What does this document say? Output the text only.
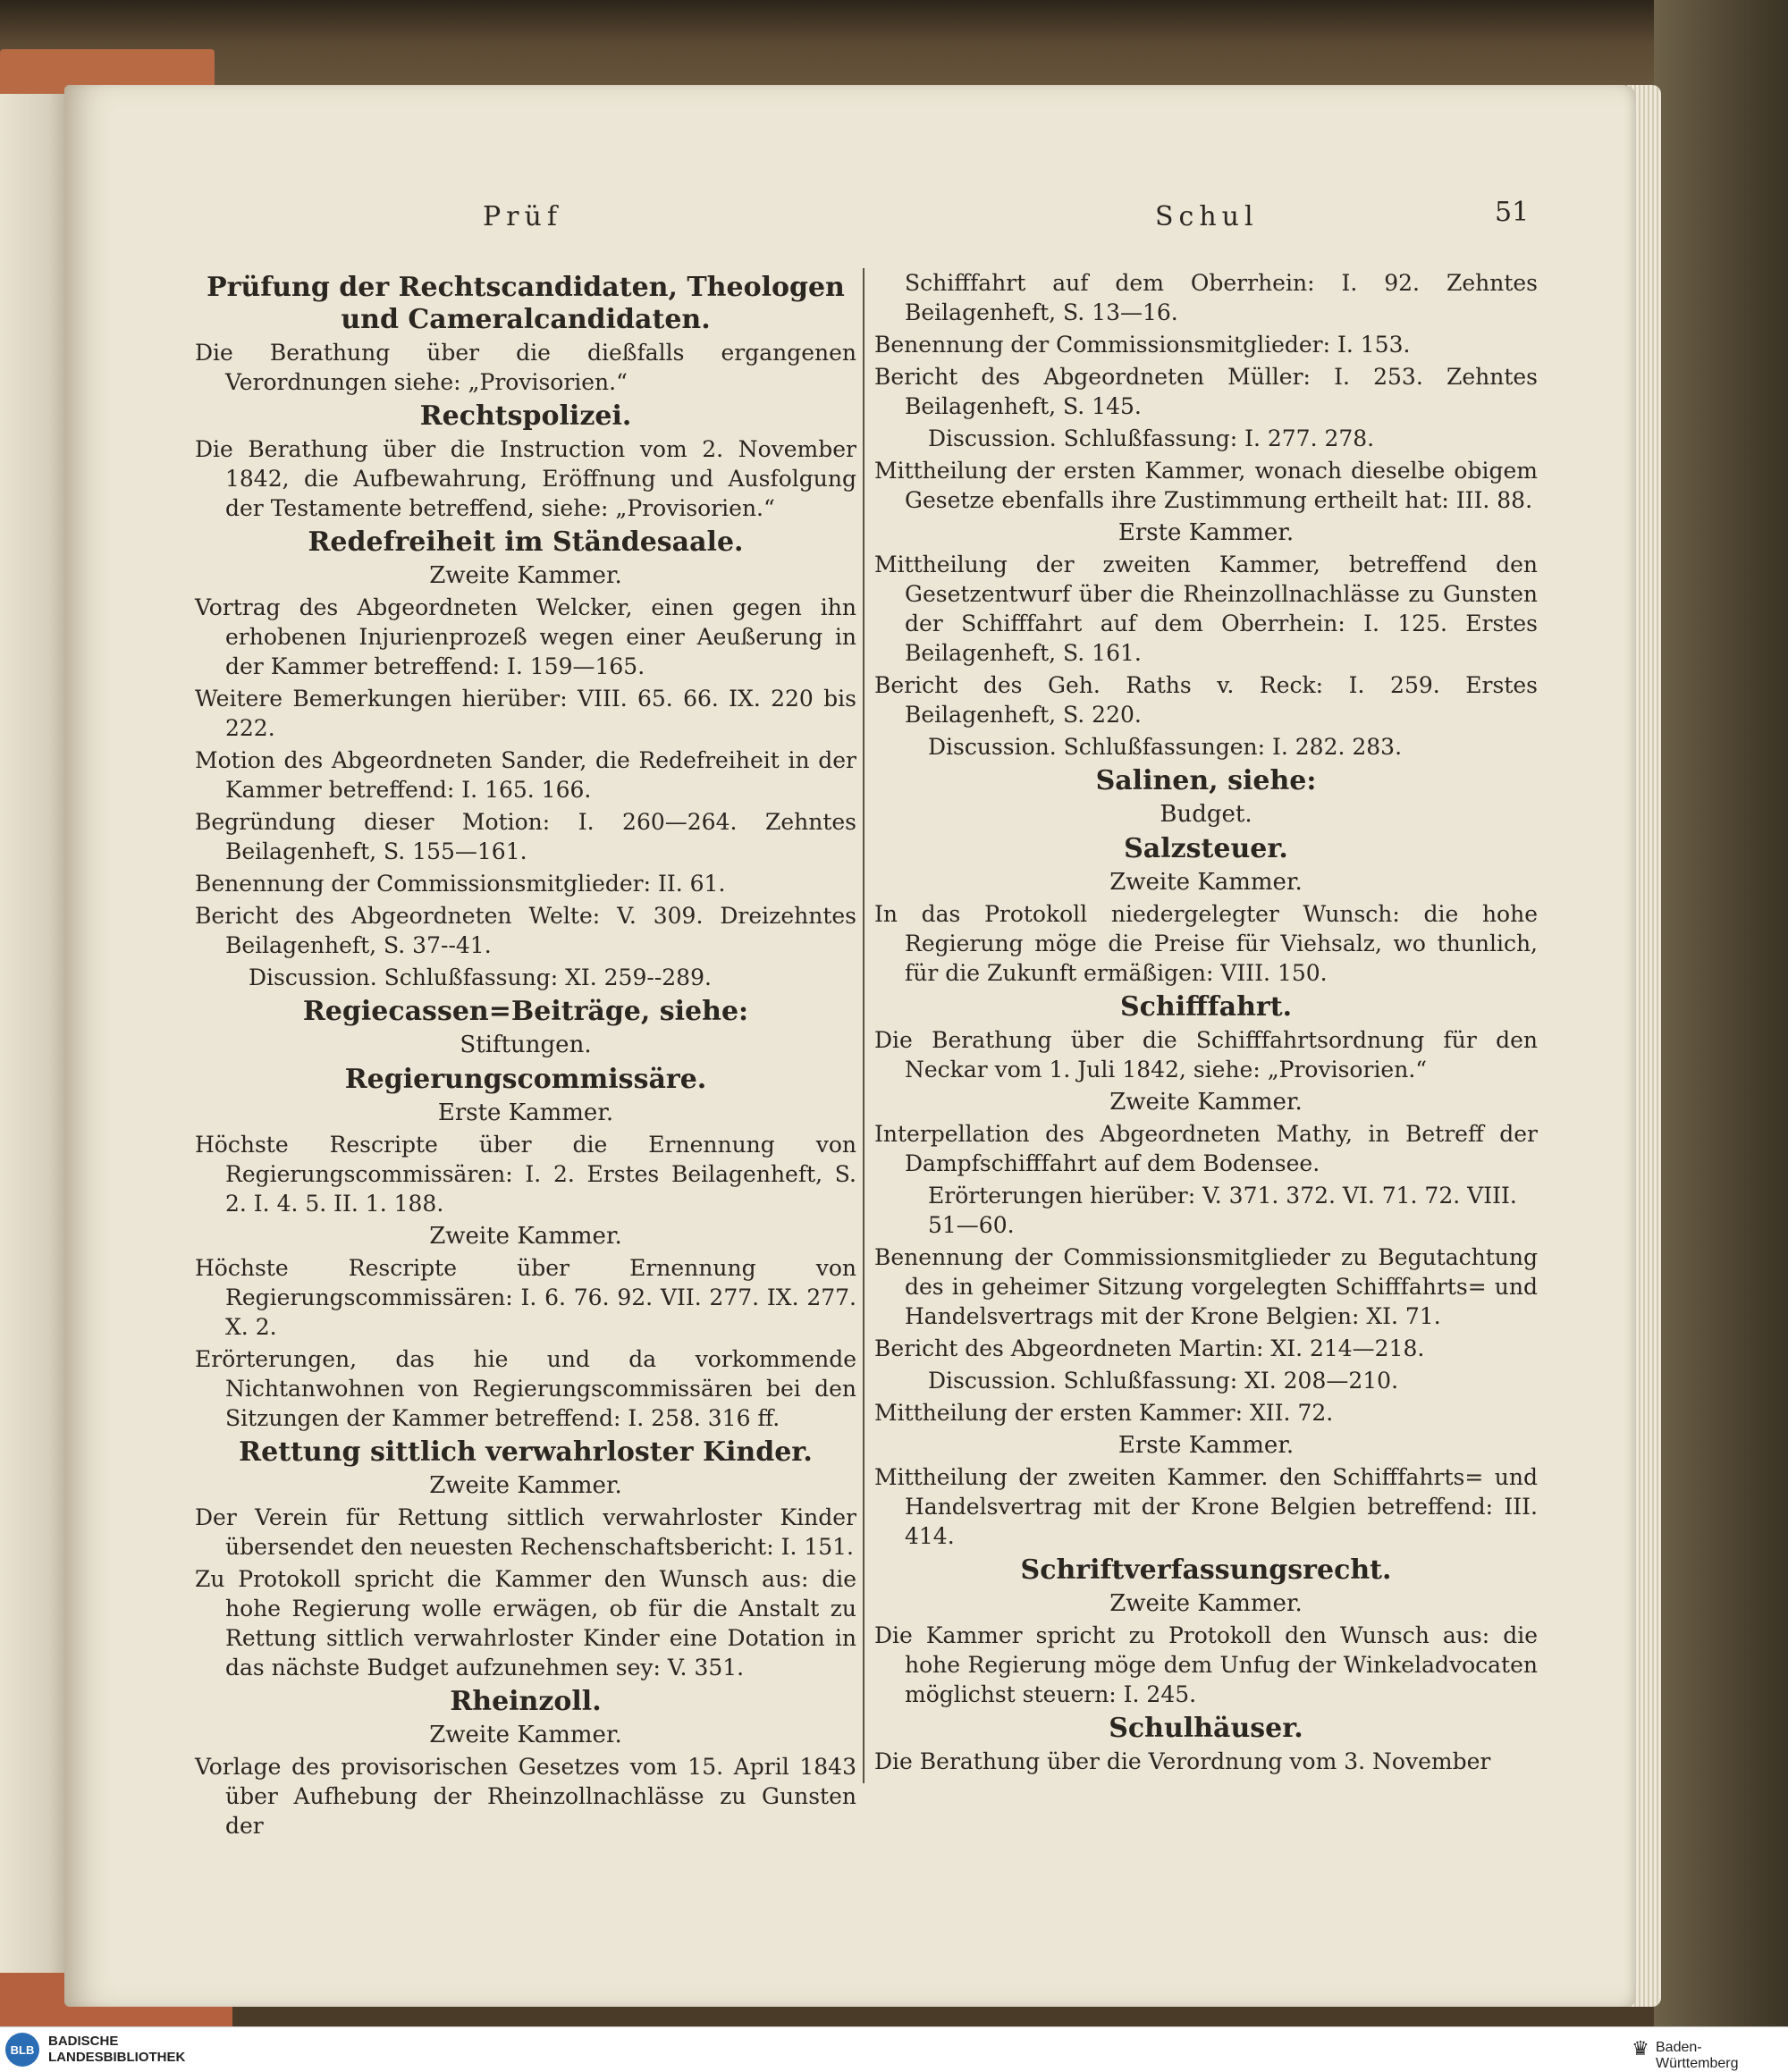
Prüf	Schul	51
Prüfung der Rechtscandidaten, Theologen und Cameralcandidaten.
Die Berathung über die dießfalls ergangenen Verordnungen siehe: „Provisorien.“
Rechtspolizei.
Die Berathung über die Instruction vom 2. November 1842, die Aufbewahrung, Eröffnung und Ausfolgung der Testamente betreffend, siehe: „Provisorien.“
Redefreiheit im Ständesaale.
Zweite Kammer.
Vortrag des Abgeordneten Welcker, einen gegen ihn erhobenen Injurienprozeß wegen einer Aeußerung in der Kammer betreffend: I. 159—165.
Weitere Bemerkungen hierüber: VIII. 65. 66. IX. 220 bis 222.
Motion des Abgeordneten Sander, die Redefreiheit in der Kammer betreffend: I. 165. 166.
Begründung dieser Motion: I. 260—264. Zehntes Beilagenheft, S. 155—161.
Benennung der Commissionsmitglieder: II. 61.
Bericht des Abgeordneten Welte: V. 309. Dreizehntes Beilagenheft, S. 37--41.
Discussion. Schlußfassung: XI. 259--289.
Regiecassen=Beiträge, siehe:
Stiftungen.
Regierungscommissäre.
Erste Kammer.
Höchste Rescripte über die Ernennung von Regierungscommissären: I. 2. Erstes Beilagenheft, S. 2. I. 4. 5. II. 1. 188.
Zweite Kammer.
Höchste Rescripte über Ernennung von Regierungscommissären: I. 6. 76. 92. VII. 277. IX. 277. X. 2.
Erörterungen, das hie und da vorkommende Nichtanwohnen von Regierungscommissären bei den Sitzungen der Kammer betreffend: I. 258. 316 ff.
Rettung sittlich verwahrloster Kinder.
Zweite Kammer.
Der Verein für Rettung sittlich verwahrloster Kinder übersendet den neuesten Rechenschaftsbericht: I. 151.
Zu Protokoll spricht die Kammer den Wunsch aus: die hohe Regierung wolle erwägen, ob für die Anstalt zu Rettung sittlich verwahrloster Kinder eine Dotation in das nächste Budget aufzunehmen sey: V. 351.
Rheinzoll.
Zweite Kammer.
Vorlage des provisorischen Gesetzes vom 15. April 1843 über Aufhebung der Rheinzollnachlässe zu Gunsten der
Schifffahrt auf dem Oberrhein: I. 92. Zehntes Beilagenheft, S. 13—16.
Benennung der Commissionsmitglieder: I. 153.
Bericht des Abgeordneten Müller: I. 253. Zehntes Beilagenheft, S. 145.
Discussion. Schlußfassung: I. 277. 278.
Mittheilung der ersten Kammer, wonach dieselbe obigem Gesetze ebenfalls ihre Zustimmung ertheilt hat: III. 88.
Erste Kammer.
Mittheilung der zweiten Kammer, betreffend den Gesetzentwurf über die Rheinzollnachlässe zu Gunsten der Schifffahrt auf dem Oberrhein: I. 125. Erstes Beilagenheft, S. 161.
Bericht des Geh. Raths v. Reck: I. 259. Erstes Beilagenheft, S. 220.
Discussion. Schlußfassungen: I. 282. 283.
Salinen, siehe:
Budget.
Salzsteuer.
Zweite Kammer.
In das Protokoll niedergelegter Wunsch: die hohe Regierung möge die Preise für Viehsalz, wo thunlich, für die Zukunft ermäßigen: VIII. 150.
Schifffahrt.
Die Berathung über die Schifffahrtsordnung für den Neckar vom 1. Juli 1842, siehe: „Provisorien.“
Zweite Kammer.
Interpellation des Abgeordneten Mathy, in Betreff der Dampfschifffahrt auf dem Bodensee.
Erörterungen hierüber: V. 371. 372. VI. 71. 72. VIII. 51—60.
Benennung der Commissionsmitglieder zu Begutachtung des in geheimer Sitzung vorgelegten Schifffahrts= und Handelsvertrags mit der Krone Belgien: XI. 71.
Bericht des Abgeordneten Martin: XI. 214—218.
Discussion. Schlußfassung: XI. 208—210.
Mittheilung der ersten Kammer: XII. 72.
Erste Kammer.
Mittheilung der zweiten Kammer. den Schifffahrts= und Handelsvertrag mit der Krone Belgien betreffend: III. 414.
Schriftverfassungsrecht.
Zweite Kammer.
Die Kammer spricht zu Protokoll den Wunsch aus: die hohe Regierung möge dem Unfug der Winkeladvocaten möglichst steuern: I. 245.
Schulhäuser.
Die Berathung über die Verordnung vom 3. November
BLB
BADISCHE
LANDESBIBLIOTHEK	♛ Baden-Württemberg
